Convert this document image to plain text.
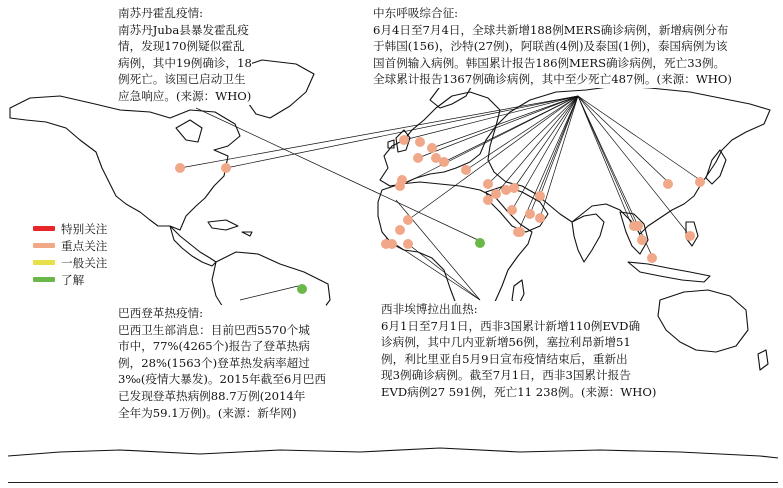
南苏丹霍乱疫情:
南苏丹Juba县暴发霍乱疫
情，发现170例疑似霍乱
病例，其中19例确诊，18
例死亡。该国已启动卫生
应急响应。(来源：WHO)
中东呼吸综合征:
6月4日至7月4日，全球共新增188例MERS确诊病例，新增病例分布
于韩国(156)，沙特(27例)，阿联酋(4例)及泰国(1例)，泰国病例为该
国首例输入病例。韩国累计报告186例MERS确诊病例，死亡33例。
全球累计报告1367例确诊病例，其中至少死亡487例。(来源：WHO)
巴西登革热疫情:
巴西卫生部消息：目前巴西5570个城
市中，77%(4265个)报告了登革热病
例，28%(1563个)登革热发病率超过
3‰(疫情大暴发)。2015年截至6月巴西
已发现登革热病例88.7万例(2014年
全年为59.1万例)。(来源：新华网)
西非埃博拉出血热:
6月1日至7月1日，西非3国累计新增110例EVD确
诊病例，其中几内亚新增56例，塞拉利昂新增51
例，利比里亚自5月9日宣布疫情结束后，重新出
现3例确诊病例。截至7月1日，西非3国累计报告
EVD病例27 591例，死亡11 238例。(来源：WHO)
特别关注
重点关注
一般关注
了解
